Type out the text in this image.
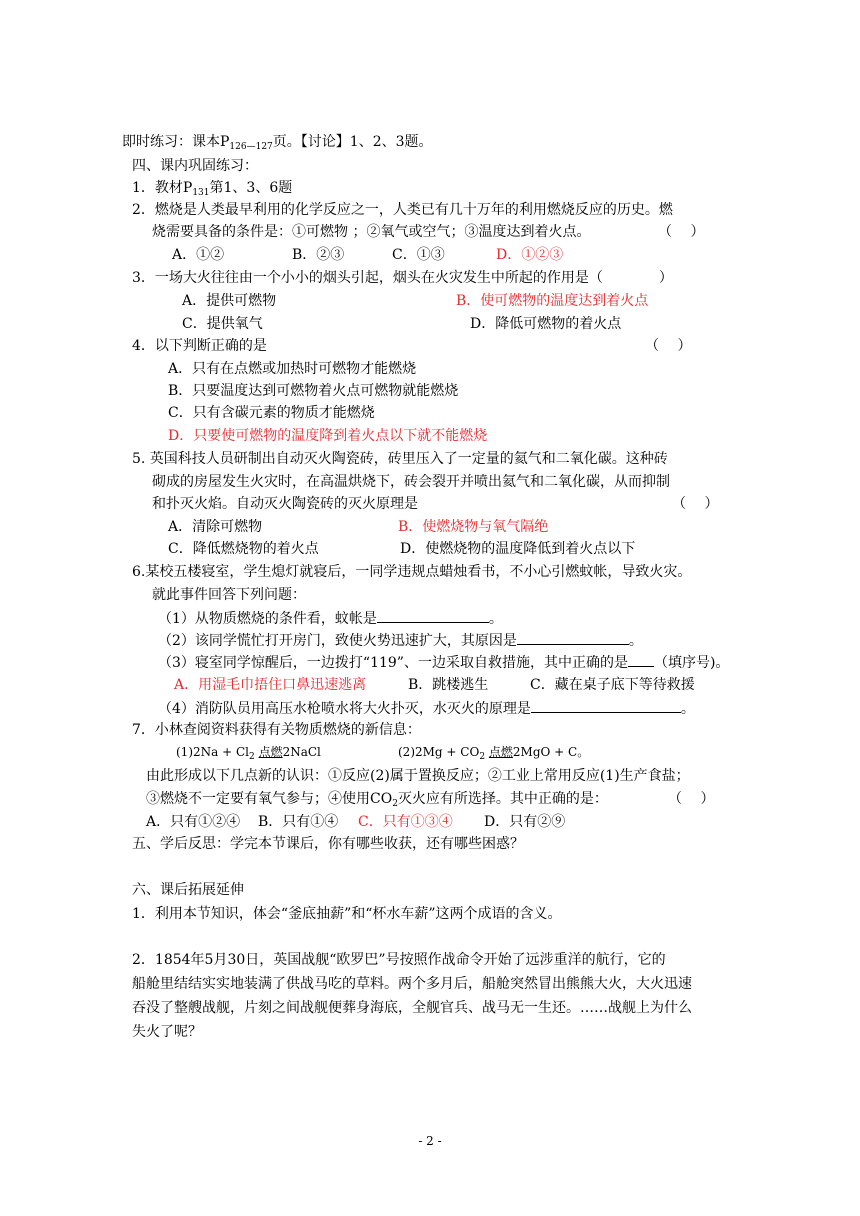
即时练习：课本$P_{126—127}$页。【讨论】1、2、3题。
四、课内巩固练习：
1．教材$P_{131}$第1、3、6题
2．燃烧是人类最早利用的化学反应之一，人类已有几十万年的利用燃烧反应的历史。燃
烧需要具备的条件是：①可燃物 ；②氧气或空气；③温度达到着火点。	（　 ）
A．①②	B．②③	C．①③	D．①②③
3．一场大火往往由一个小小的烟头引起，烟头在火灾发生中所起的作用是（　　　　）
A．提供可燃物	B．使可燃物的温度达到着火点
C．提供氧气	D．降低可燃物的着火点
4．以下判断正确的是	（　 ）
A．只有在点燃或加热时可燃物才能燃烧
B．只要温度达到可燃物着火点可燃物就能燃烧
C．只有含碳元素的物质才能燃烧
D．只要使可燃物的温度降到着火点以下就不能燃烧
5. 英国科技人员研制出自动灭火陶瓷砖，砖里压入了一定量的氦气和二氧化碳。这种砖
砌成的房屋发生火灾时，在高温烘烧下，砖会裂开并喷出氦气和二氧化碳，从而抑制
和扑灭火焰。自动灭火陶瓷砖的灭火原理是	（　 ）
A．清除可燃物	B．使燃烧物与氧气隔绝
C．降低燃烧物的着火点	D．使燃烧物的温度降低到着火点以下
6.某校五楼寝室，学生熄灯就寝后，一同学违规点蜡烛看书，不小心引燃蚊帐，导致火灾。
就此事件回答下列问题：
（1）从物质燃烧的条件看，蚊帐是	。
（2）该同学慌忙打开房门，致使火势迅速扩大，其原因是	。
（3）寝室同学惊醒后，一边拨打“119”、一边采取自救措施，其中正确的是 （填序号)。
A．用湿毛巾捂住口鼻迅速逃离	B．跳楼逃生	C．藏在桌子底下等待救援
（4）消防队员用高压水枪喷水将大火扑灭，水灭火的原理是	。
7．小林查阅资料获得有关物质燃烧的新信息：
$(1)2Na + Cl_2$ 点燃2NaCl	$(2)2Mg + CO_2$ 点燃2MgO + C。
由此形成以下几点新的认识：①反应(2)属于置换反应；②工业上常用反应(1)生产食盐；
③燃烧不一定要有氧气参与；④使用$CO_2$灭火应有所选择。其中正确的是：	（　 ）
A．只有①②④ B．只有①④ C．只有①③④ D．只有②⑨
五、学后反思：学完本节课后，你有哪些收获，还有哪些困惑？
六、课后拓展延伸
1．利用本节知识，体会“釜底抽薪”和“杯水车薪”这两个成语的含义。
2．1854年5月30日，英国战舰“欧罗巴”号按照作战命令开始了远涉重洋的航行，它的
船舱里结结实实地装满了供战马吃的草料。两个多月后，船舱突然冒出熊熊大火，大火迅速
吞没了整艘战舰，片刻之间战舰便葬身海底，全舰官兵、战马无一生还。……战舰上为什么
失火了呢？
- 2 -
